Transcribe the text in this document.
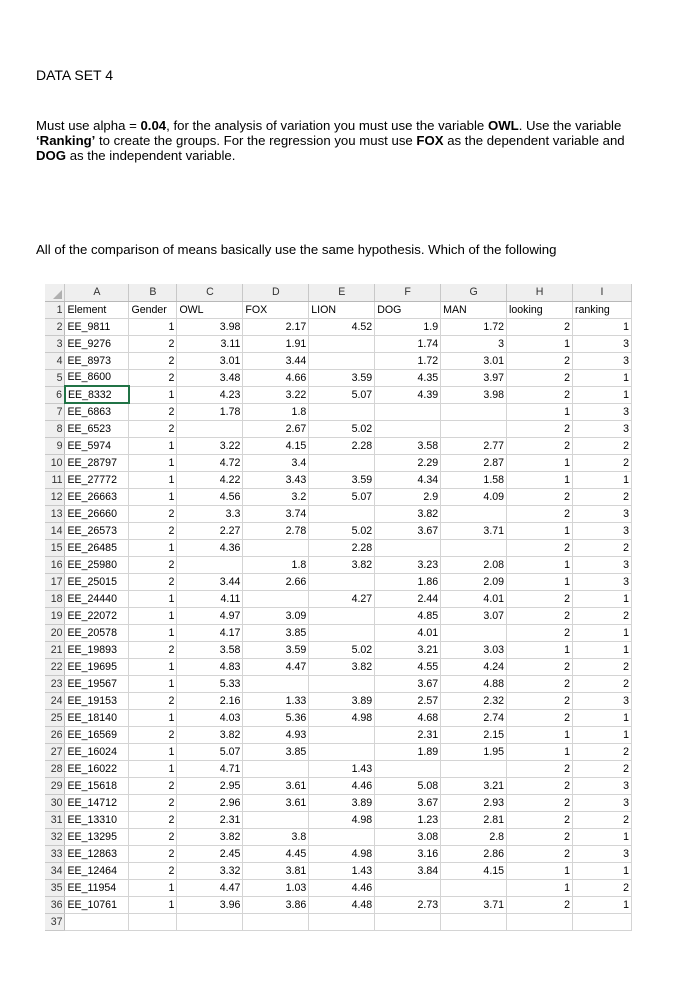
DATA SET 4
Must use alpha = 0.04, for the analysis of variation you must use the variable OWL. Use the variable ‘Ranking’ to create the groups. For the regression you must use FOX as the dependent variable and DOG as the independent variable.
All of the comparison of means basically use the same hypothesis. Which of the following
	A	B	C	D	E	F	G	H	I
1	Element	Gender	OWL	FOX	LION	DOG	MAN	looking	ranking
2	EE_9811	1	3.98	2.17	4.52	1.9	1.72	2	1
3	EE_9276	2	3.11	1.91		1.74	3	1	3
4	EE_8973	2	3.01	3.44		1.72	3.01	2	3
5	EE_8600	2	3.48	4.66	3.59	4.35	3.97	2	1
6	EE_8332	1	4.23	3.22	5.07	4.39	3.98	2	1
7	EE_6863	2	1.78	1.8				1	3
8	EE_6523	2		2.67	5.02			2	3
9	EE_5974	1	3.22	4.15	2.28	3.58	2.77	2	2
10	EE_28797	1	4.72	3.4		2.29	2.87	1	2
11	EE_27772	1	4.22	3.43	3.59	4.34	1.58	1	1
12	EE_26663	1	4.56	3.2	5.07	2.9	4.09	2	2
13	EE_26660	2	3.3	3.74		3.82		2	3
14	EE_26573	2	2.27	2.78	5.02	3.67	3.71	1	3
15	EE_26485	1	4.36		2.28			2	2
16	EE_25980	2		1.8	3.82	3.23	2.08	1	3
17	EE_25015	2	3.44	2.66		1.86	2.09	1	3
18	EE_24440	1	4.11		4.27	2.44	4.01	2	1
19	EE_22072	1	4.97	3.09		4.85	3.07	2	2
20	EE_20578	1	4.17	3.85		4.01		2	1
21	EE_19893	2	3.58	3.59	5.02	3.21	3.03	1	1
22	EE_19695	1	4.83	4.47	3.82	4.55	4.24	2	2
23	EE_19567	1	5.33			3.67	4.88	2	2
24	EE_19153	2	2.16	1.33	3.89	2.57	2.32	2	3
25	EE_18140	1	4.03	5.36	4.98	4.68	2.74	2	1
26	EE_16569	2	3.82	4.93		2.31	2.15	1	1
27	EE_16024	1	5.07	3.85		1.89	1.95	1	2
28	EE_16022	1	4.71		1.43			2	2
29	EE_15618	2	2.95	3.61	4.46	5.08	3.21	2	3
30	EE_14712	2	2.96	3.61	3.89	3.67	2.93	2	3
31	EE_13310	2	2.31		4.98	1.23	2.81	2	2
32	EE_13295	2	3.82	3.8		3.08	2.8	2	1
33	EE_12863	2	2.45	4.45	4.98	3.16	2.86	2	3
34	EE_12464	2	3.32	3.81	1.43	3.84	4.15	1	1
35	EE_11954	1	4.47	1.03	4.46			1	2
36	EE_10761	1	3.96	3.86	4.48	2.73	3.71	2	1
37									
